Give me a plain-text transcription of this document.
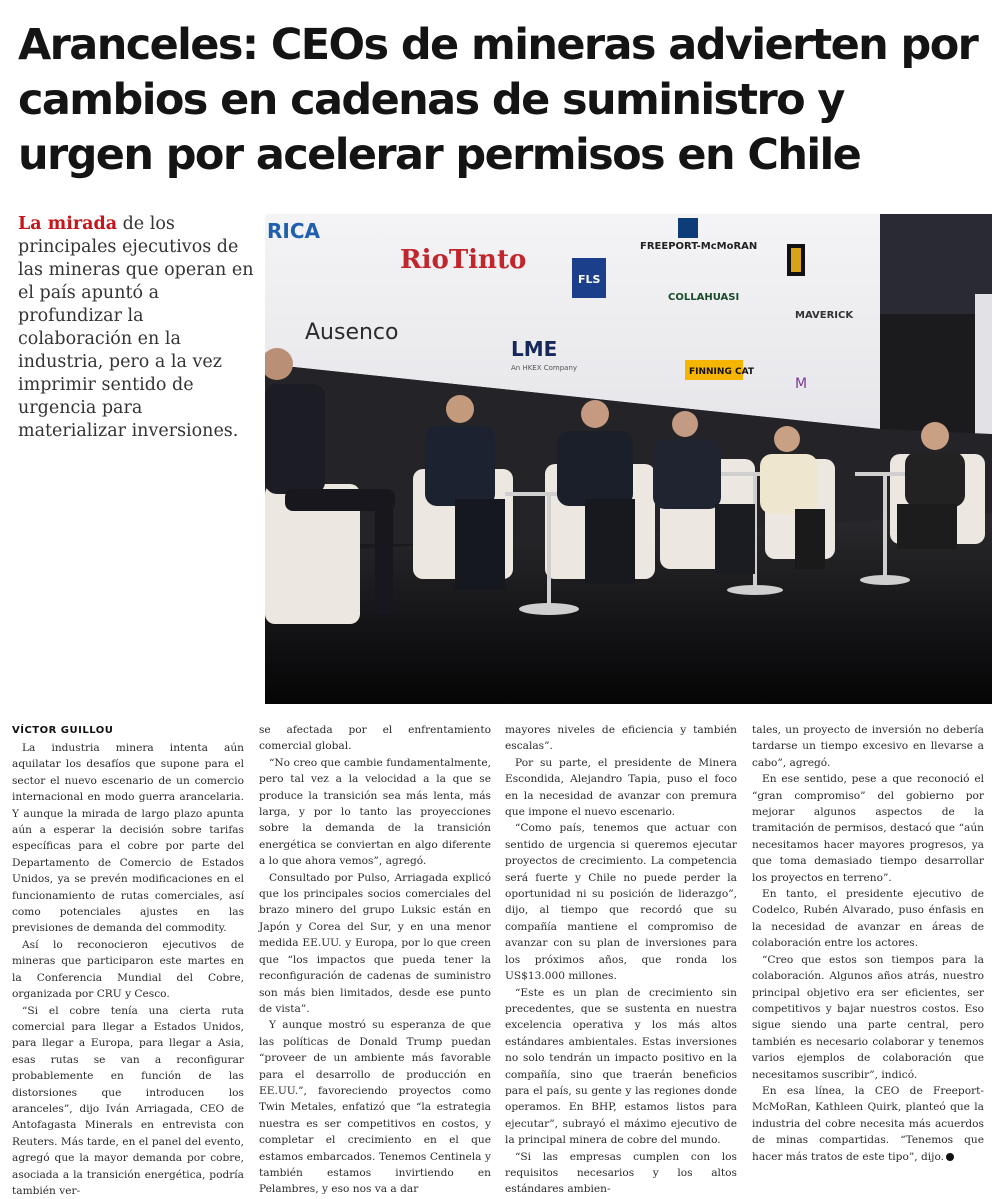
Aranceles: CEOs de mineras advierten por cambios en cadenas de suministro y urgen por acelerar permisos en Chile

La mirada de los principales ejecutivos de las mineras que operan en el país apuntó a profundizar la colaboración en la industria, pero a la vez imprimir sentido de urgencia para materializar inversiones.

RICA
RioTinto	FREEPORT-McMoRAN
FLS
COLLAHUASI
MAVERICK
Ausenco
LME
An HKEX Company	FINNING CAT
M
VÍCTOR GUILLOU

La industria minera intenta aún aquilatar los desafíos que supone para el sector el nuevo escenario de un comercio internacional en modo guerra arancelaria. Y aunque la mirada de largo plazo apunta aún a esperar la decisión sobre tarifas específicas para el cobre por parte del Departamento de Comercio de Estados Unidos, ya se prevén modificaciones en el funcionamiento de rutas comerciales, así como potenciales ajustes en las previsiones de demanda del commodity.

Así lo reconocieron ejecutivos de mineras que participaron este martes en la Conferencia Mundial del Cobre, organizada por CRU y Cesco.

“Si el cobre tenía una cierta ruta comercial para llegar a Estados Unidos, para llegar a Europa, para llegar a Asia, esas rutas se van a reconfigurar probablemente en función de las distorsiones que introducen los aranceles”, dijo Iván Arriagada, CEO de Antofagasta Minerals en entrevista con Reuters. Más tarde, en el panel del evento, agregó que la mayor demanda por cobre, asociada a la transición energética, podría también ver-

se afectada por el enfrentamiento comercial global.

“No creo que cambie fundamentalmente, pero tal vez a la velocidad a la que se produce la transición sea más lenta, más larga, y por lo tanto las proyecciones sobre la demanda de la transición energética se conviertan en algo diferente a lo que ahora vemos”, agregó.

Consultado por Pulso, Arriagada explicó que los principales socios comerciales del brazo minero del grupo Luksic están en Japón y Corea del Sur, y en una menor medida EE.UU. y Europa, por lo que creen que “los impactos que pueda tener la reconfiguración de cadenas de suministro son más bien limitados, desde ese punto de vista”.

Y aunque mostró su esperanza de que las políticas de Donald Trump puedan “proveer de un ambiente más favorable para el desarrollo de producción en EE.UU.”, favoreciendo proyectos como Twin Metales, enfatizó que “la estrategia nuestra es ser competitivos en costos, y completar el crecimiento en el que estamos embarcados. Tenemos Centinela y también estamos invirtiendo en Pelambres, y eso nos va a dar

mayores niveles de eficiencia y también escalas”.

Por su parte, el presidente de Minera Escondida, Alejandro Tapia, puso el foco en la necesidad de avanzar con premura que impone el nuevo escenario.

“Como país, tenemos que actuar con sentido de urgencia si queremos ejecutar proyectos de crecimiento. La competencia será fuerte y Chile no puede perder la oportunidad ni su posición de liderazgo”, dijo, al tiempo que recordó que su compañía mantiene el compromiso de avanzar con su plan de inversiones para los próximos años, que ronda los US$13.000 millones.

“Este es un plan de crecimiento sin precedentes, que se sustenta en nuestra excelencia operativa y los más altos estándares ambientales. Estas inversiones no solo tendrán un impacto positivo en la compañía, sino que traerán beneficios para el país, su gente y las regiones donde operamos. En BHP, estamos listos para ejecutar”, subrayó el máximo ejecutivo de la principal minera de cobre del mundo.

“Si las empresas cumplen con los requisitos necesarios y los altos estándares ambien-

tales, un proyecto de inversión no debería tardarse un tiempo excesivo en llevarse a cabo”, agregó.

En ese sentido, pese a que reconoció el “gran compromiso” del gobierno por mejorar algunos aspectos de la tramitación de permisos, destacó que “aún necesitamos hacer mayores progresos, ya que toma demasiado tiempo desarrollar los proyectos en terreno”.

En tanto, el presidente ejecutivo de Codelco, Rubén Alvarado, puso énfasis en la necesidad de avanzar en áreas de colaboración entre los actores.

“Creo que estos son tiempos para la colaboración. Algunos años atrás, nuestro principal objetivo era ser eficientes, ser competitivos y bajar nuestros costos. Eso sigue siendo una parte central, pero también es necesario colaborar y tenemos varios ejemplos de colaboración que necesitamos suscribir”, indicó.

En esa línea, la CEO de Freeport-McMoRan, Kathleen Quirk, planteó que la industria del cobre necesita más acuerdos de minas compartidas. “Tenemos que hacer más tratos de este tipo”, dijo.
